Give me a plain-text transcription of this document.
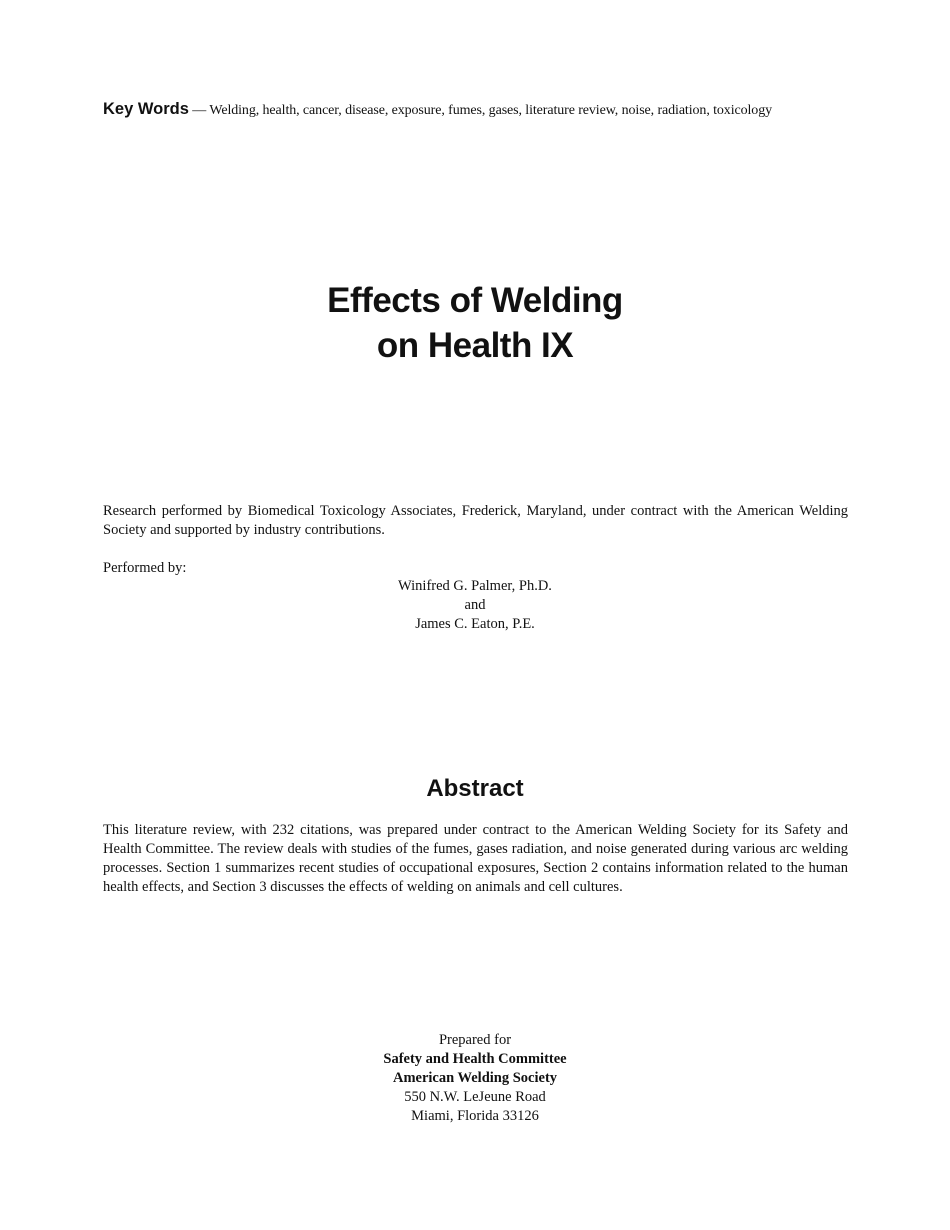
Key Words — Welding, health, cancer, disease, exposure, fumes, gases, literature review, noise, radiation, toxicology
Effects of Welding
on Health IX

Research performed by Biomedical Toxicology Associates, Frederick, Maryland, under contract with the American Welding Society and supported by industry contributions.

Performed by:
Winifred G. Palmer, Ph.D.
and
James C. Eaton, P.E.
Abstract

This literature review, with 232 citations, was prepared under contract to the American Welding Society for its Safety and Health Committee. The review deals with studies of the fumes, gases radiation, and noise generated during various arc welding processes. Section 1 summarizes recent studies of occupational exposures, Section 2 contains information related to the human health effects, and Section 3 discusses the effects of welding on animals and cell cultures.

Prepared for
Safety and Health Committee
American Welding Society
550 N.W. LeJeune Road
Miami, Florida 33126
